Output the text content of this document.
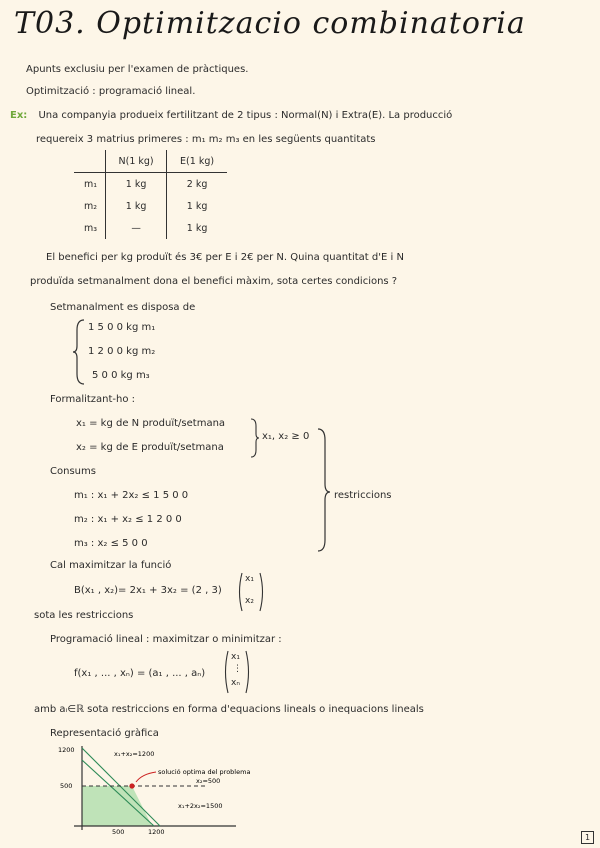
T03. Optimitzacio combinatoria
Apunts exclusiu per l'examen de pràctiques.
Optimització : programació lineal.
Ex: Una companyia produeix fertilitzant de 2 tipus : Normal(N) i Extra(E). La producció
requereix 3 matrius primeres : m₁ m₂ m₃ en les següents quantitats
	N(1 kg)	E(1 kg)
m₁	1 kg	2 kg
m₂	1 kg	1 kg
m₃	—	1 kg
El benefici per kg produït és 3€ per E i 2€ per N. Quina quantitat d'E i N
produïda setmanalment dona el benefici màxim, sota certes condicions ?
Setmanalment es disposa de
1 5 0 0 kg m₁
1 2 0 0 kg m₂
5 0 0 kg m₃
Formalitzant-ho :
x₁ = kg de N produït/setmana
x₂ = kg de E produït/setmana
x₁, x₂ ≥ 0
Consums
m₁ : x₁ + 2x₂ ≤ 1 5 0 0
m₂ : x₁ + x₂ ≤ 1 2 0 0
m₃ : x₂ ≤ 5 0 0
restriccions
Cal maximitzar la funció
B(x₁ , x₂)= 2x₁ + 3x₂ = (2 , 3)
x₁
x₂
sota les restriccions
Programació lineal : maximitzar o minimitzar :
f(x₁ , ... , xₙ) = (a₁ , ... , aₙ)
x₁
⋮
xₙ
amb aᵢ∈ℝ sota restriccions en forma d'equacions lineals o inequacions lineals
Representació gràfica
1200
500
500	1200
x₁+x₂=1200
solució optima del problema
x₂=500
x₁+2x₂=1500
1
